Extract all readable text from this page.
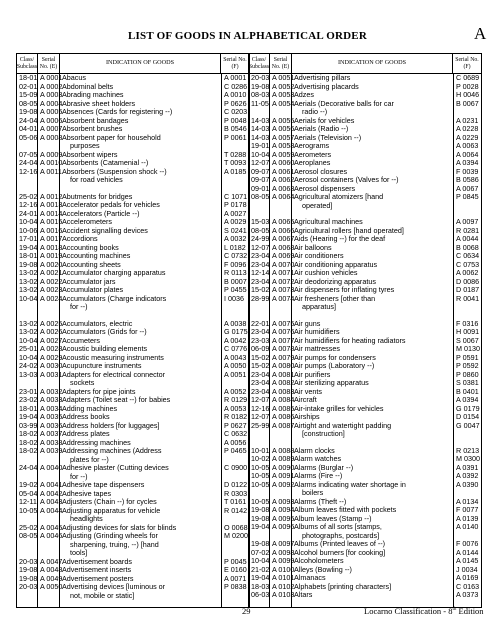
LIST OF GOODS IN ALPHABETICAL ORDER	A
Class/ Subclass
Serial No. (E)
INDICATION OF GOODS	Serial No. (F)
18-01 A 0001 Abacus	A 0001
02-01 A 0002 Abdominal belts	C 0286
15-09 A 0003 Abrading machines	A 0010
08-05 A 0004 Abrasive sheet holders	P 0626
19-08 A 0005 Absences (Cards for registering --)	C 0203
24-04 A 0006 Absorbent bandages	P 0048
04-01 A 0007 Absorbent brushes	B 0546
05-06 A 0008 Absorbent paper for household
purposes
P 0061
07-05 A 0009 Absorbent wipers	T 0288
24-04 A 0010 Absorbents (Catamenial --)	T 0093
12-16 A 0011 Absorbers (Suspension shock --)
for road vehicles
A 0185
25-02 A 0012 Abutments for bridges	C 1071
12-16 A 0013 Accelerator pedals for vehicles	P 0178
24-01 A 0014 Accelerators (Particle --)	A 0027
10-04 A 0015 Accelerometers	A 0029
10-06 A 0016 Accident signalling devices	S 0241
17-01 A 0017 Accordions	A 0032
19-04 A 0018 Accounting books	L 0182
18-01 A 0019 Accounting machines	C 0732
19-08 A 0020 Accounting sheets	F 0096
13-02 A 0021 Accumulator charging apparatus	R 0113
13-02 A 0022 Accumulator jars	B 0007
13-02 A 0023 Accumulator plates	P 0455
10-04 A 0024 Accumulators (Charge indicators
for --)
I 0036
13-02 A 0025 Accumulators, electric	A 0038
13-02 A 0026 Accumulators (Grids for --)	G 0175
10-04 A 0027 Accumeters	A 0042
25-01 A 0028 Acoustic building elements	C 0776
10-04 A 0029 Acoustic measuring instruments	A 0043
24-02 A 0030 Acupuncture instruments	A 0050
13-03 A 0031 Adapters for electrical connector
sockets
A 0051
23-01 A 0032 Adapters for pipe joints	A 0052
23-02 A 0033 Adapters (Toilet seat --) for babies	R 0129
18-01 A 0034 Adding machines	A 0053
19-04 A 0035 Address books	R 0182
03-99 A 0036 Address holders [for luggages]	P 0627
18-02 A 0037 Address plates	C 0632
18-02 A 0038 Addressing machines	A 0056
18-02 A 0039 Addressing machines (Address
plates for --)
P 0465
24-04 A 0040 Adhesive plaster (Cutting devices
for --)
C 0900
19-02 A 0041 Adhesive tape dispensers	D 0122
05-04 A 0042 Adhesive tapes	R 0303
12-11 A 0043 Adjusters (Chain --) for cycles	T 0161
10-05 A 0044 Adjusting apparatus for vehicle
headlights
R 0142
25-02 A 0045 Adjusting devices for slats for blinds	O 0068
08-05 A 0046 Adjusting (Grinding wheels for
sharpening, truing, --) [hand
tools]
M 0200
20-03 A 0047 Advertisement boards	P 0045
19-08 A 0048 Advertisement inserts	E 0160
19-08 A 0049 Advertisement posters	A 0071
20-03 A 0050 Advertising devices [luminous or
not, mobile or static]
P 0838
Class/ Subclass
Serial No. (E)
INDICATION OF GOODS	Serial No. (F)
20-03 A 0051 Advertising pillars	C 0689
19-08 A 0052 Advertising placards	P 0028
08-03 A 0053 Adzes	H 0046
11-05 A 0054 Aerials (Decorative balls for car
radio --)
B 0067
14-03 A 0055 Aerials for vehicles	A 0231
14-03 A 0056 Aerials (Radio --)	A 0228
14-03 A 0057 Aerials (Television --)	A 0229
19-01 A 0058 Aerograms	A 0063
10-04 A 0059 Aerometers	A 0064
12-07 A 0060 Aeroplanes	A 0394
09-07 A 0061 Aerosol closures	F 0039
09-07 A 0062 Aerosol containers (Valves for --)	B 0586
09-01 A 0063 Aerosol dispensers	A 0067
08-05 A 0064 Agricultural atomizers [hand
operated]
P 0845
15-03 A 0065 Agricultural machines	A 0097
08-05 A 0066 Agricultural rollers [hand operated]	R 0281
24-99 A 0067 Aids (Hearing --) for the deaf	A 0044
12-07 A 0068 Air balloons	B 0068
23-04 A 0069 Air conditioners	C 0634
23-04 A 0070 Air conditioning apparatus	C 0753
12-14 A 0071 Air cushion vehicles	A 0062
23-04 A 0072 Air deodorizing apparatus	D 0086
15-02 A 0073 Air dispensers for inflating tyres	D 0187
28-99 A 0074 Air fresheners [other than
apparatus]
R 0041
22-01 A 0075 Air guns	F 0316
23-04 A 0076 Air humidifiers	H 0091
23-03 A 0077 Air humidifiers for heating radiators	S 0067
06-09 A 0078 Air mattresses	M 0130
15-02 A 0079 Air pumps for condensers	P 0591
15-02 A 0080 Air pumps (Laboratory --)	P 0592
23-04 A 0081 Air purifiers	P 0860
23-04 A 0082 Air sterilizing apparatus	S 0381
23-04 A 0083 Air vents	B 0401
12-07 A 0084 Aircraft	A 0394
12-16 A 0085 Air-intake grilles for vehicles	G 0179
12-07 A 0086 Airships	D 0154
25-99 A 0087 Airtight and watertight padding
[construction]
G 0047
10-01 A 0088 Alarm clocks	R 0213
10-02 A 0089 Alarm watches	M 0300
10-05 A 0090 Alarms (Burglar --)	A 0391
10-05 A 0091 Alarms (Fire --)	A 0392
10-05 A 0092 Alarms indicating water shortage in
boilers
A 0390
10-05 A 0093 Alarms (Theft --)	A 0134
19-08 A 0094 Album leaves fitted with pockets	F 0077
19-08 A 0095 Album leaves (Stamp --)	A 0139
19-04 A 0096 Albums of all sorts [stamps,
photographs, postcards]
A 0140
19-08 A 0097 Albums (Printed leaves of --)	F 0076
07-02 A 0098 Alcohol burners [for cooking]	A 0144
10-04 A 0099 Alcoholometers	A 0145
21-02 A 0100 Alleys (Bowling --)	J 0034
19-04 A 0101 Almanacs	A 0169
18-03 A 0102 Alphabets [printing characters]	C 0163
06-03 A 0103 Altars	A 0373
29	Locarno Classification - 8th Edition
